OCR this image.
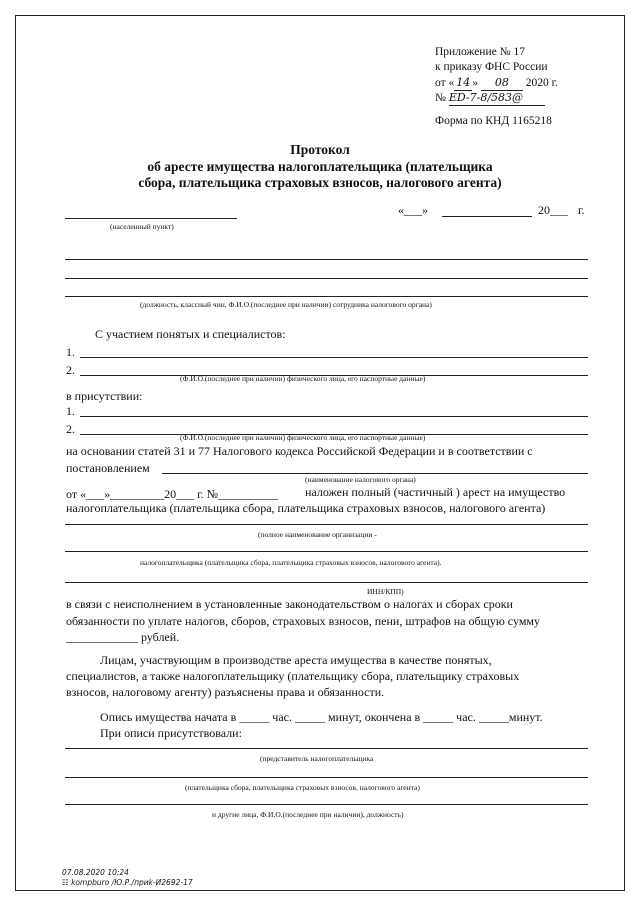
Приложение № 17
к приказу ФНС России
от « 14 » 08 2020 г.
№ ED-7-8/583@
Форма по КНД 1165218
Протокол
об аресте имущества налогоплательщика (плательщика
сбора, плательщика страховых взносов, налогового агента)
(населенный пункт)
«___»	20___ г.
(должность, классный чин, Ф.И.О.(последнее при наличии) сотрудника налогового органа)
С участием понятых и специалистов:
1.
2.
(Ф.И.О.(последнее при наличии) физического лица, его паспортные данные)
в присутствии:
1.
2.
(Ф.И.О.(последнее при наличии) физического лица, его паспортные данные)
на основании статей 31 и 77 Налогового кодекса Российской Федерации и в соответствии с
постановлением
(наименование налогового органа)
от «___»_________20___ г. №__________ наложен полный (частичный ) арест на имущество
налогоплательщика (плательщика сбора, плательщика страховых взносов, налогового агента)
(полное наименование организации -
налогоплательщика (плательщика сбора, плательщика страховых взносов, налогового агента).
ИНН/КПП)
в связи с неисполнением в установленные законодательством о налогах и сборах сроки
обязанности по уплате налогов, сборов, страховых взносов, пени, штрафов на общую сумму
____________ рублей.
Лицам, участвующим в производстве ареста имущества в качестве понятых,
специалистов, а также налогоплательщику (плательщику сбора, плательщику страховых
взносов, налоговому агенту) разъяснены права и обязанности.
Опись имущества начата в _____ час. _____ минут, окончена в _____ час. _____минут.
При описи присутствовали:
(представитель налогоплательщика
(плательщика сбора, плательщика страховых взносов, налогового агента)
и другие лица, Ф.И.О.(последнее при наличии), должность)
07.08.2020 10:24
☷ kompburo /Ю.Р./приk-И2692-17
